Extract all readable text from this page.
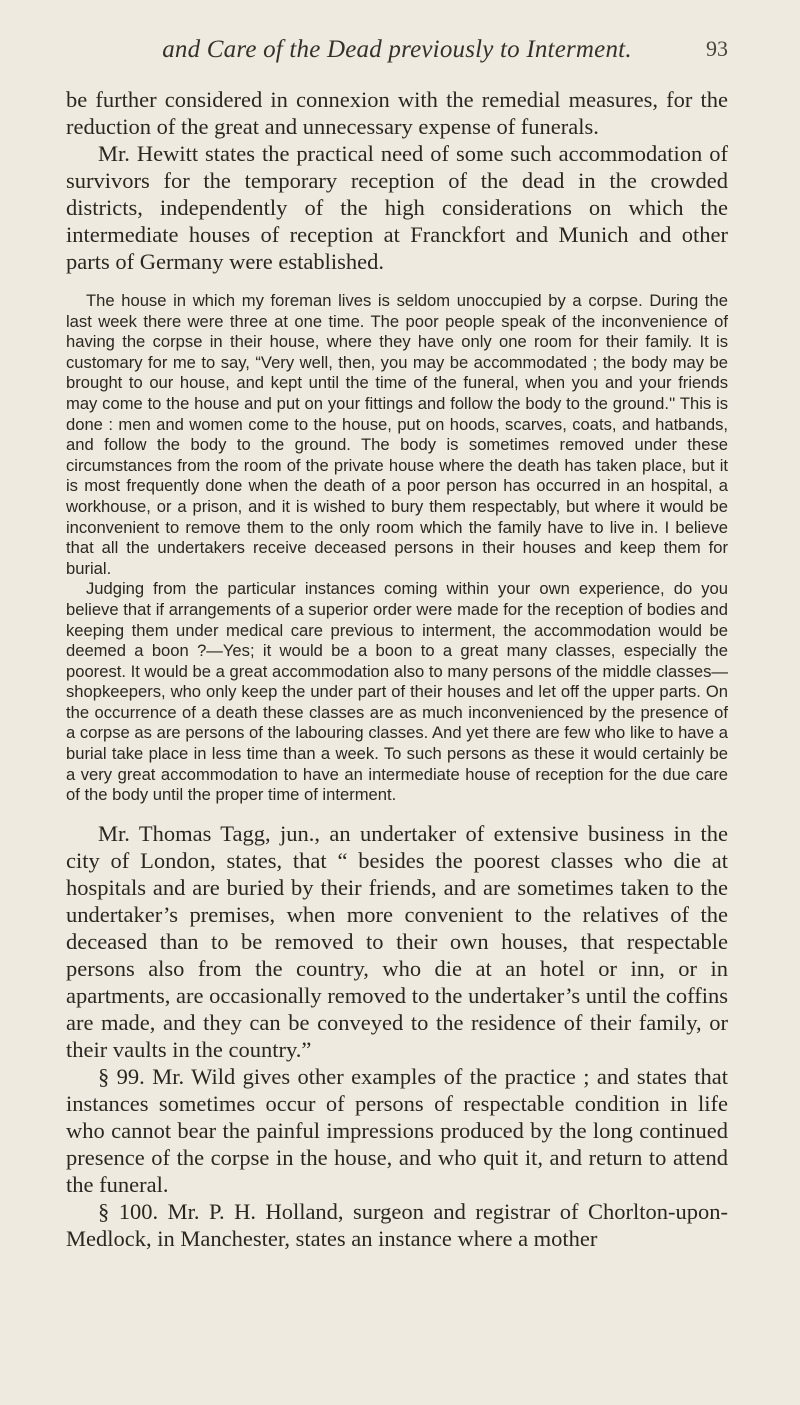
and Care of the Dead previously to Interment.	93

be further considered in connexion with the remedial measures, for the reduction of the great and unnecessary expense of funerals.

Mr. Hewitt states the practical need of some such accommodation of survivors for the temporary reception of the dead in the crowded districts, independently of the high considerations on which the intermediate houses of reception at Franckfort and Munich and other parts of Germany were established.

The house in which my foreman lives is seldom unoccupied by a corpse. During the last week there were three at one time. The poor people speak of the inconvenience of having the corpse in their house, where they have only one room for their family. It is customary for me to say, “Very well, then, you may be accommodated ; the body may be brought to our house, and kept until the time of the funeral, when you and your friends may come to the house and put on your fittings and follow the body to the ground.'' This is done : men and women come to the house, put on hoods, scarves, coats, and hatbands, and follow the body to the ground. The body is sometimes removed under these circumstances from the room of the private house where the death has taken place, but it is most frequently done when the death of a poor person has occurred in an hospital, a workhouse, or a prison, and it is wished to bury them respectably, but where it would be inconvenient to remove them to the only room which the family have to live in. I believe that all the undertakers receive deceased persons in their houses and keep them for burial.

Judging from the particular instances coming within your own experience, do you believe that if arrangements of a superior order were made for the reception of bodies and keeping them under medical care previous to interment, the accommodation would be deemed a boon ?—Yes; it would be a boon to a great many classes, especially the poorest. It would be a great accommodation also to many persons of the middle classes—shopkeepers, who only keep the under part of their houses and let off the upper parts. On the occurrence of a death these classes are as much inconvenienced by the presence of a corpse as are persons of the labouring classes. And yet there are few who like to have a burial take place in less time than a week. To such persons as these it would certainly be a very great accommodation to have an intermediate house of reception for the due care of the body until the proper time of interment.

Mr. Thomas Tagg, jun., an undertaker of extensive business in the city of London, states, that “ besides the poorest classes who die at hospitals and are buried by their friends, and are sometimes taken to the undertaker’s premises, when more convenient to the relatives of the deceased than to be removed to their own houses, that respectable persons also from the country, who die at an hotel or inn, or in apartments, are occasionally removed to the undertaker’s until the coffins are made, and they can be conveyed to the residence of their family, or their vaults in the country.”

§ 99. Mr. Wild gives other examples of the practice ; and states that instances sometimes occur of persons of respectable condition in life who cannot bear the painful impressions produced by the long continued presence of the corpse in the house, and who quit it, and return to attend the funeral.

§ 100. Mr. P. H. Holland, surgeon and registrar of Chorlton-upon-Medlock, in Manchester, states an instance where a mother
